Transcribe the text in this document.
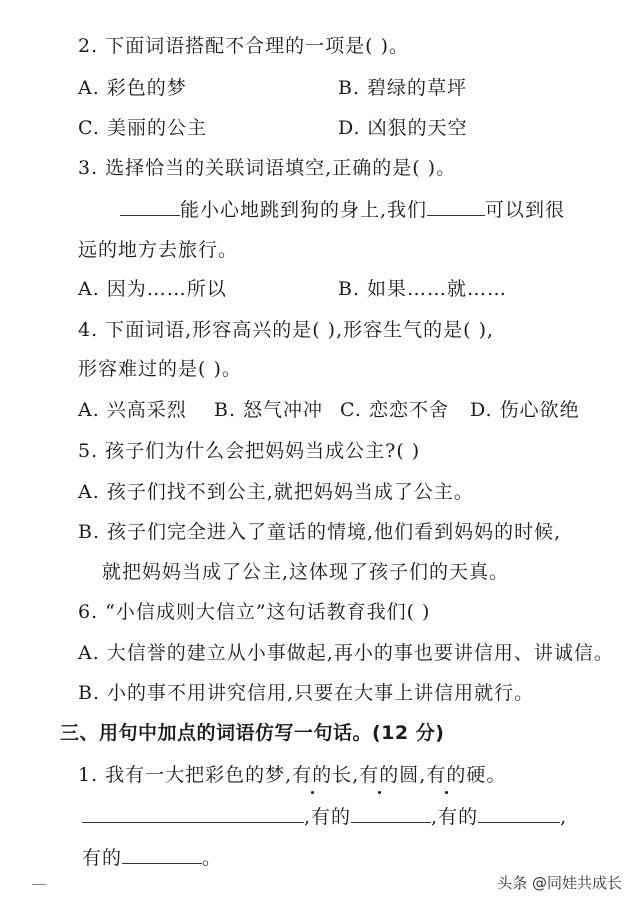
2. 下面词语搭配不合理的一项是( )。
A. 彩色的梦	B. 碧绿的草坪
C. 美丽的公主	D. 凶狠的天空
3. 选择恰当的关联词语填空,正确的是( )。
能小心地跳到狗的身上,我们	可以到很
远的地方去旅行。
A. 因为……所以	B. 如果……就……
4. 下面词语,形容高兴的是( ),形容生气的是( ),
形容难过的是( )。
A. 兴高采烈 B. 怒气冲冲 C. 恋恋不舍 D. 伤心欲绝
5. 孩子们为什么会把妈妈当成公主?( )
A. 孩子们找不到公主,就把妈妈当成了公主。
B. 孩子们完全进入了童话的情境,他们看到妈妈的时候,
就把妈妈当成了公主,这体现了孩子们的天真。
6. “小信成则大信立”这句话教育我们( )
A. 大信誉的建立从小事做起,再小的事也要讲信用、讲诚信。
B. 小的事不用讲究信用,只要在大事上讲信用就行。
三、用句中加点的词语仿写一句话。(12 分)
1. 我有一大把彩色的梦,有的长,有的圆,有的硬。
,有的	,有的	,
有的	。
头条 @同娃共成长
